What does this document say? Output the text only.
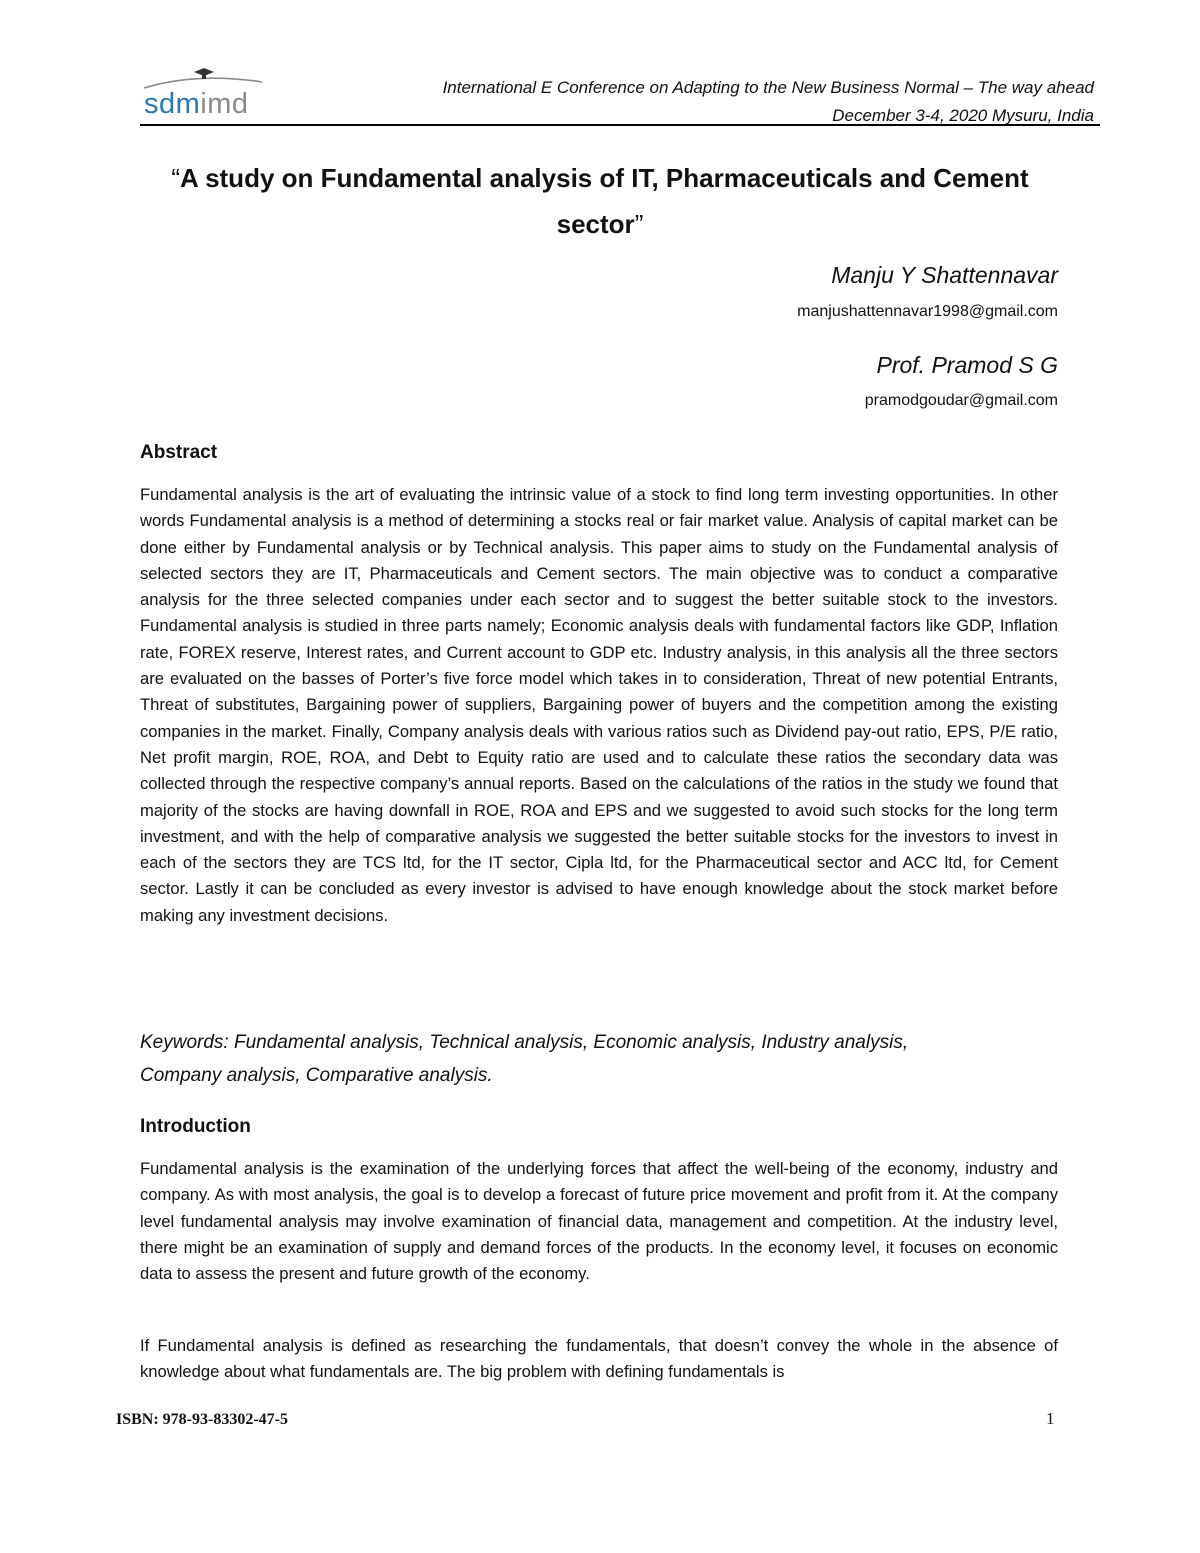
sdmimd
International E Conference on Adapting to the New Business Normal – The way ahead
December 3-4, 2020 Mysuru, India
“A study on Fundamental analysis of IT, Pharmaceuticals and Cement
sector”
Manju Y Shattennavar
manjushattennavar1998@gmail.com
Prof. Pramod S G
pramodgoudar@gmail.com
Abstract

Fundamental analysis is the art of evaluating the intrinsic value of a stock to find long term investing opportunities. In other words Fundamental analysis is a method of determining a stocks real or fair market value. Analysis of capital market can be done either by Fundamental analysis or by Technical analysis. This paper aims to study on the Fundamental analysis of selected sectors they are IT, Pharmaceuticals and Cement sectors. The main objective was to conduct a comparative analysis for the three selected companies under each sector and to suggest the better suitable stock to the investors. Fundamental analysis is studied in three parts namely; Economic analysis deals with fundamental factors like GDP, Inflation rate, FOREX reserve, Interest rates, and Current account to GDP etc. Industry analysis, in this analysis all the three sectors are evaluated on the basses of Porter’s five force model which takes in to consideration, Threat of new potential Entrants, Threat of substitutes, Bargaining power of suppliers, Bargaining power of buyers and the competition among the existing companies in the market. Finally, Company analysis deals with various ratios such as Dividend pay-out ratio, EPS, P/E ratio, Net profit margin, ROE, ROA, and Debt to Equity ratio are used and to calculate these ratios the secondary data was collected through the respective company’s annual reports. Based on the calculations of the ratios in the study we found that majority of the stocks are having downfall in ROE, ROA and EPS and we suggested to avoid such stocks for the long term investment, and with the help of comparative analysis we suggested the better suitable stocks for the investors to invest in each of the sectors they are TCS ltd, for the IT sector, Cipla ltd, for the Pharmaceutical sector and ACC ltd, for Cement sector. Lastly it can be concluded as every investor is advised to have enough knowledge about the stock market before making any investment decisions.

Keywords: Fundamental analysis, Technical analysis, Economic analysis, Industry analysis,
Company analysis, Comparative analysis.
Introduction

Fundamental analysis is the examination of the underlying forces that affect the well-being of the economy, industry and company. As with most analysis, the goal is to develop a forecast of future price movement and profit from it. At the company level fundamental analysis may involve examination of financial data, management and competition. At the industry level, there might be an examination of supply and demand forces of the products. In the economy level, it focuses on economic data to assess the present and future growth of the economy.

If Fundamental analysis is defined as researching the fundamentals, that doesn’t convey the whole in the absence of knowledge about what fundamentals are. The big problem with defining fundamentals is

ISBN: 978-93-83302-47-5	1
